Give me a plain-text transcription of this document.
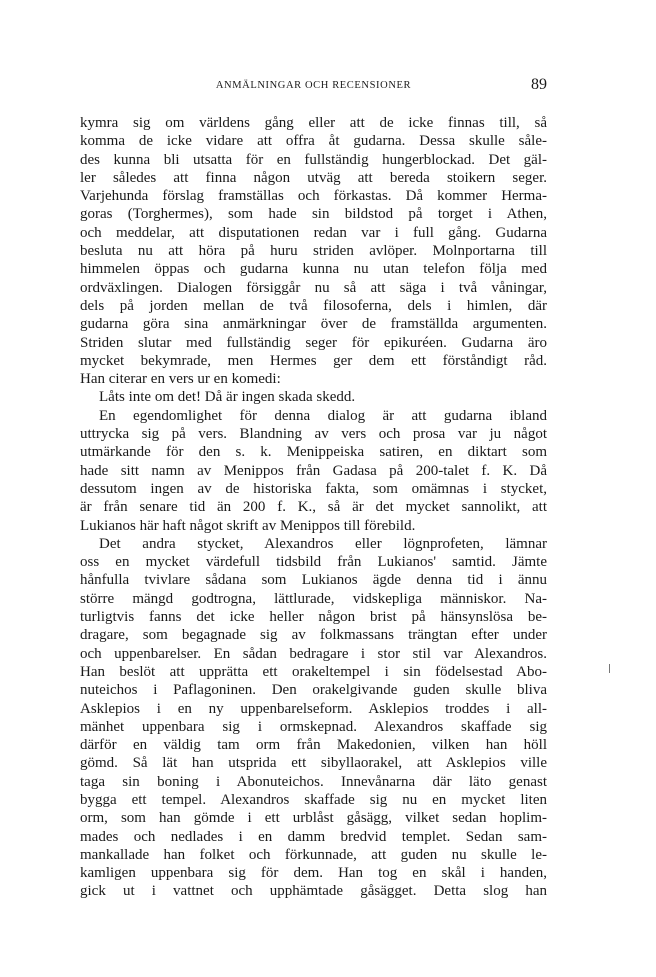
ANMÄLNINGAR OCH RECENSIONER	89
kymra sig om världens gång eller att de icke finnas till, så
komma de icke vidare att offra åt gudarna. Dessa skulle såle-
des kunna bli utsatta för en fullständig hungerblockad. Det gäl-
ler således att finna någon utväg att bereda stoikern seger.
Varjehunda förslag framställas och förkastas. Då kommer Herma-
goras (Torghermes), som hade sin bildstod på torget i Athen,
och meddelar, att disputationen redan var i full gång. Gudarna
besluta nu att höra på huru striden avlöper. Molnportarna till
himmelen öppas och gudarna kunna nu utan telefon följa med
ordväxlingen. Dialogen försiggår nu så att säga i två våningar,
dels på jorden mellan de två filosoferna, dels i himlen, där
gudarna göra sina anmärkningar över de framställda argumenten.
Striden slutar med fullständig seger för epikuréen. Gudarna äro
mycket bekymrade, men Hermes ger dem ett förståndigt råd.
Han citerar en vers ur en komedi:
Låts inte om det! Då är ingen skada skedd.
En egendomlighet för denna dialog är att gudarna ibland
uttrycka sig på vers. Blandning av vers och prosa var ju något
utmärkande för den s. k. Menippeiska satiren, en diktart som
hade sitt namn av Menippos från Gadasa på 200-talet f. K. Då
dessutom ingen av de historiska fakta, som omämnas i stycket,
är från senare tid än 200 f. K., så är det mycket sannolikt, att
Lukianos här haft något skrift av Menippos till förebild.
Det andra stycket, Alexandros eller lögnprofeten, lämnar
oss en mycket värdefull tidsbild från Lukianos' samtid. Jämte
hånfulla tvivlare sådana som Lukianos ägde denna tid i ännu
större mängd godtrogna, lättlurade, vidskepliga människor. Na-
turligtvis fanns det icke heller någon brist på hänsynslösa be-
dragare, som begagnade sig av folkmassans trängtan efter under
och uppenbarelser. En sådan bedragare i stor stil var Alexandros.
Han beslöt att upprätta ett orakeltempel i sin födelsestad Abo-
nuteichos i Paflagoninen. Den orakelgivande guden skulle bliva
Asklepios i en ny uppenbarelseform. Asklepios troddes i all-
mänhet uppenbara sig i ormskepnad. Alexandros skaffade sig
därför en väldig tam orm från Makedonien, vilken han höll
gömd. Så lät han utsprida ett sibyllaorakel, att Asklepios ville
taga sin boning i Abonuteichos. Innevånarna där läto genast
bygga ett tempel. Alexandros skaffade sig nu en mycket liten
orm, som han gömde i ett urblåst gåsägg, vilket sedan hoplim-
mades och nedlades i en damm bredvid templet. Sedan sam-
mankallade han folket och förkunnade, att guden nu skulle le-
kamligen uppenbara sig för dem. Han tog en skål i handen,
gick ut i vattnet och upphämtade gåsägget. Detta slog han
